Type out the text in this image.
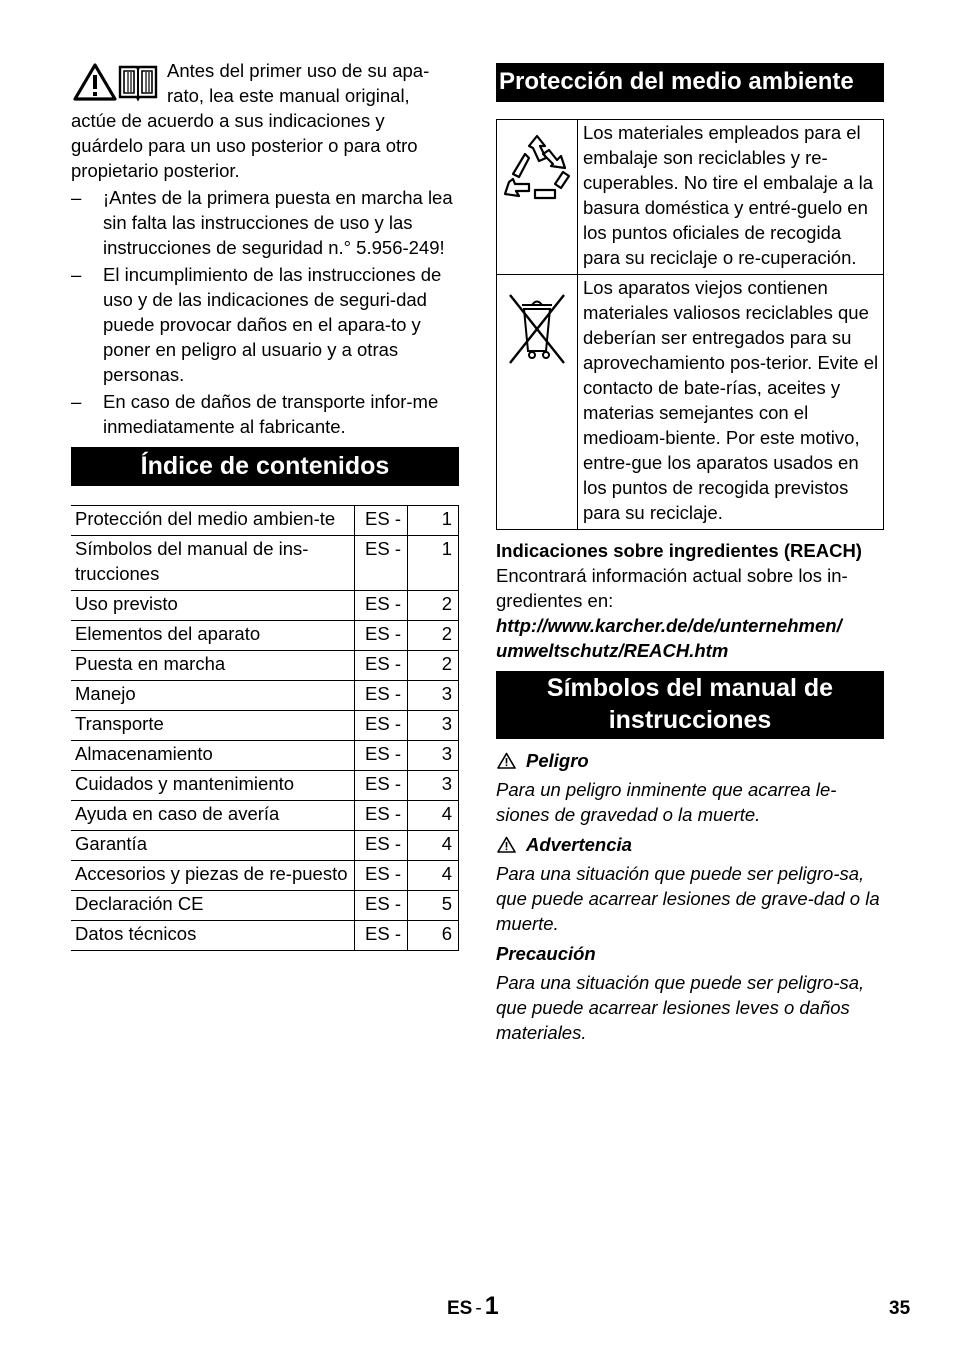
Antes del primer uso de su apa-rato, lea este manual original, actúe de acuerdo a sus indicaciones y guárdelo para un uso posterior o para otro propietario posterior.

– ¡Antes de la primera puesta en marcha lea sin falta las instrucciones de uso y las instrucciones de seguridad n.° 5.956-249!
– El incumplimiento de las instrucciones de uso y de las indicaciones de seguri-dad puede provocar daños en el apara-to y poner en peligro al usuario y a otras personas.
– En caso de daños de transporte infor-me inmediatamente al fabricante.
Índice de contenidos
Protección del medio ambien-te	ES -	1
Símbolos del manual de ins-trucciones	ES -	1
Uso previsto	ES -	2
Elementos del aparato	ES -	2
Puesta en marcha	ES -	2
Manejo	ES -	3
Transporte	ES -	3
Almacenamiento	ES -	3
Cuidados y mantenimiento	ES -	3
Ayuda en caso de avería	ES -	4
Garantía	ES -	4
Accesorios y piezas de re-puesto	ES -	4
Declaración CE	ES -	5
Datos técnicos	ES -	6
Protección del medio ambiente
	Los materiales empleados para el embalaje son reciclables y re-cuperables. No tire el embalaje a la basura doméstica y entré-guelo en los puntos oficiales de recogida para su reciclaje o re-cuperación.
	Los aparatos viejos contienen materiales valiosos reciclables que deberían ser entregados para su aprovechamiento pos-terior. Evite el contacto de bate-rías, aceites y materias semejantes con el medioam-biente. Por este motivo, entre-gue los aparatos usados en los puntos de recogida previstos para su reciclaje.

Indicaciones sobre ingredientes (REACH)

Encontrará información actual sobre los in-gredientes en:

http://www.karcher.de/de/unternehmen/
umweltschutz/REACH.htm

Símbolos del manual de
instrucciones
Peligro

Para un peligro inminente que acarrea le-siones de gravedad o la muerte.

Advertencia

Para una situación que puede ser peligro-sa, que puede acarrear lesiones de grave-dad o la muerte.

Precaución

Para una situación que puede ser peligro-sa, que puede acarrear lesiones leves o daños materiales.

ES - 1	35
